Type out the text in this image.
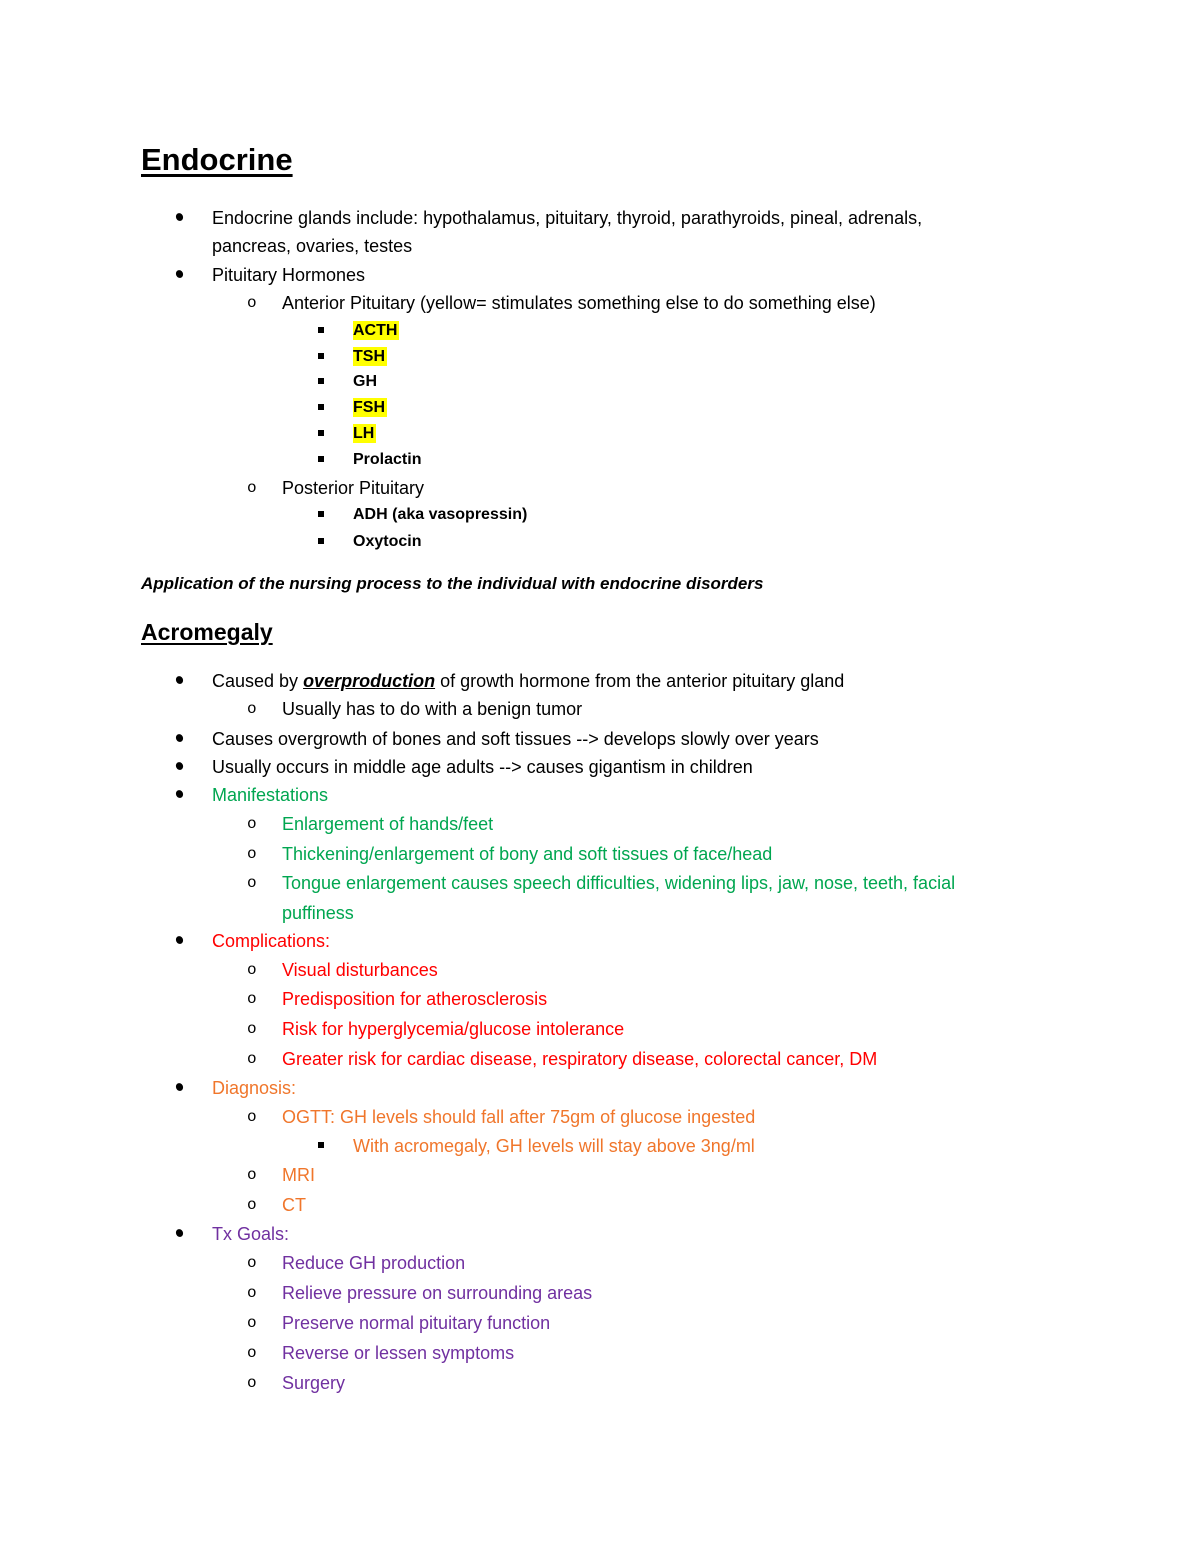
Endocrine
Endocrine glands include: hypothalamus, pituitary, thyroid, parathyroids, pineal, adrenals,
pancreas, ovaries, testes
Pituitary Hormones
o Anterior Pituitary (yellow= stimulates something else to do something else)
ACTH
TSH
GH
FSH
LH
Prolactin
o Posterior Pituitary
ADH (aka vasopressin)
Oxytocin
Application of the nursing process to the individual with endocrine disorders
Acromegaly
Caused by overproduction of growth hormone from the anterior pituitary gland
o Usually has to do with a benign tumor
Causes overgrowth of bones and soft tissues --> develops slowly over years
Usually occurs in middle age adults --> causes gigantism in children
Manifestations
o Enlargement of hands/feet
o Thickening/enlargement of bony and soft tissues of face/head
o Tongue enlargement causes speech difficulties, widening lips, jaw, nose, teeth, facial
puffiness
Complications:
o Visual disturbances
o Predisposition for atherosclerosis
o Risk for hyperglycemia/glucose intolerance
o Greater risk for cardiac disease, respiratory disease, colorectal cancer, DM
Diagnosis:
o OGTT: GH levels should fall after 75gm of glucose ingested
With acromegaly, GH levels will stay above 3ng/ml
o MRI
o CT
Tx Goals:
o Reduce GH production
o Relieve pressure on surrounding areas
o Preserve normal pituitary function
o Reverse or lessen symptoms
o Surgery
